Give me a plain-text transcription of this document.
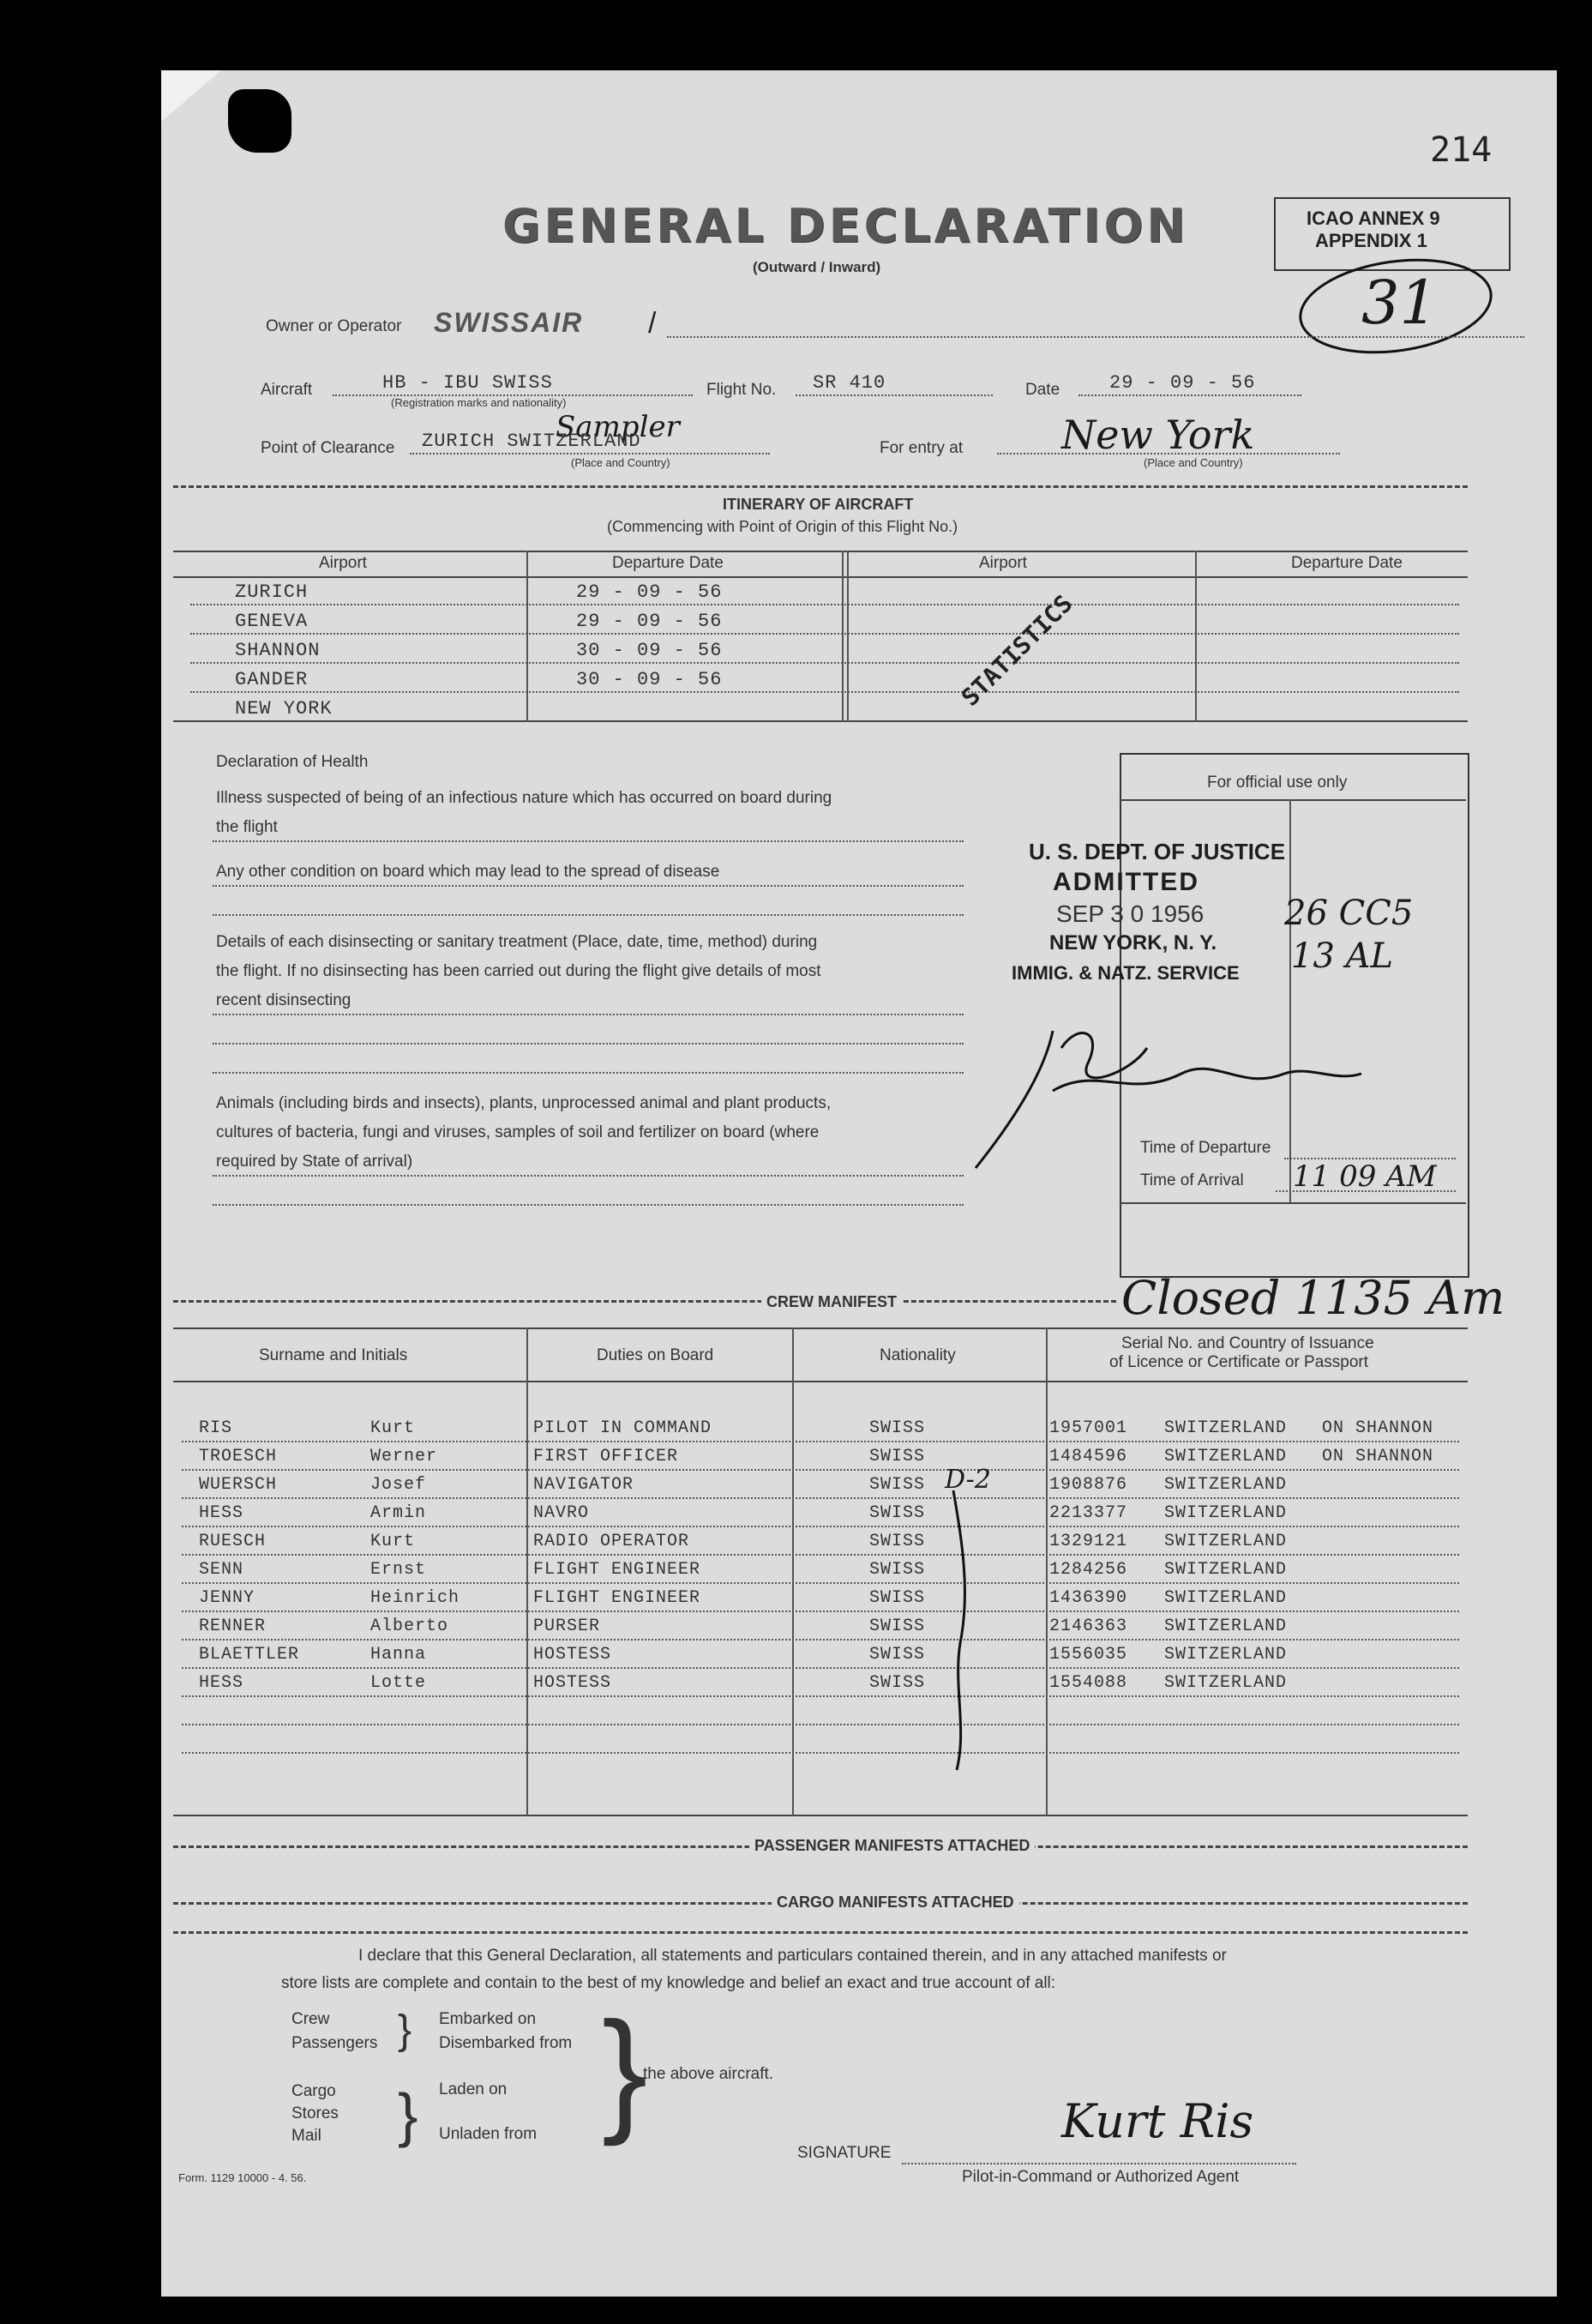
214
GENERAL DECLARATION
(Outward / Inward)
ICAO ANNEX 9
APPENDIX 1
31
Owner or Operator SWISSAIR /
Aircraft	HB - IBU SWISS
(Registration marks and nationality)
Flight No. SR 410	Date	29 - 09 - 56
Point of Clearance
Sampler
ZURICH SWITZERLAND
(Place and Country)
For entry at New York
(Place and Country)
ITINERARY OF AIRCRAFT
(Commencing with Point of Origin of this Flight No.)
Airport	Departure Date	Airport	Departure Date
ZURICH	29 - 09 - 56
GENEVA	29 - 09 - 56
SHANNON	30 - 09 - 56
GANDER	30 - 09 - 56
NEW YORK	STATISTICS
Declaration of Health
Illness suspected of being of an infectious nature which has occurred on board during
the flight
Any other condition on board which may lead to the spread of disease
Details of each disinsecting or sanitary treatment (Place, date, time, method) during
the flight. If no disinsecting has been carried out during the flight give details of most
recent disinsecting
Animals (including birds and insects), plants, unprocessed animal and plant products,
cultures of bacteria, fungi and viruses, samples of soil and fertilizer on board (where
required by State of arrival)
For official use only
U. S. DEPT. OF JUSTICE
ADMITTED
SEP 3 0 1956
NEW YORK, N. Y.
IMMIG. & NATZ. SERVICE
26 CC5
13 AL
Time of Departure
Time of Arrival 11 09 AM
CREW MANIFEST	Closed 1135 Am
Surname and Initials	Duties on Board	Nationality
Serial No. and Country of Issuance
of Licence or Certificate or Passport
RIS	Kurt	PILOT IN COMMAND	SWISS	1957001 SWITZERLAND ON SHANNON
TROESCH	Werner	FIRST OFFICER	SWISS	1484596 SWITZERLAND ON SHANNON
WUERSCH	Josef	NAVIGATOR	SWISS	1908876 SWITZERLAND
HESS	Armin	NAVRO	SWISS	2213377 SWITZERLAND
RUESCH	Kurt	RADIO OPERATOR	SWISS	1329121 SWITZERLAND
SENN	Ernst	FLIGHT ENGINEER	SWISS	1284256 SWITZERLAND
JENNY	Heinrich	FLIGHT ENGINEER	SWISS	1436390 SWITZERLAND
RENNER	Alberto	PURSER	SWISS	2146363 SWITZERLAND
BLAETTLER	Hanna	HOSTESS	SWISS	1556035 SWITZERLAND
HESS	Lotte	HOSTESS	SWISS	1554088 SWITZERLAND
D-2
PASSENGER MANIFESTS ATTACHED
CARGO MANIFESTS ATTACHED
I declare that this General Declaration, all statements and particulars contained therein, and in any attached manifests or
store lists are complete and contain to the best of my knowledge and belief an exact and true account of all:
Crew
Passengers
Cargo
Stores
Mail
}
}
Embarked on
Disembarked from
Laden on
Unladen from }
the above aircraft.
SIGNATURE
Kurt Ris
Pilot-in-Command or Authorized Agent
Form. 1129 10000 - 4. 56.
